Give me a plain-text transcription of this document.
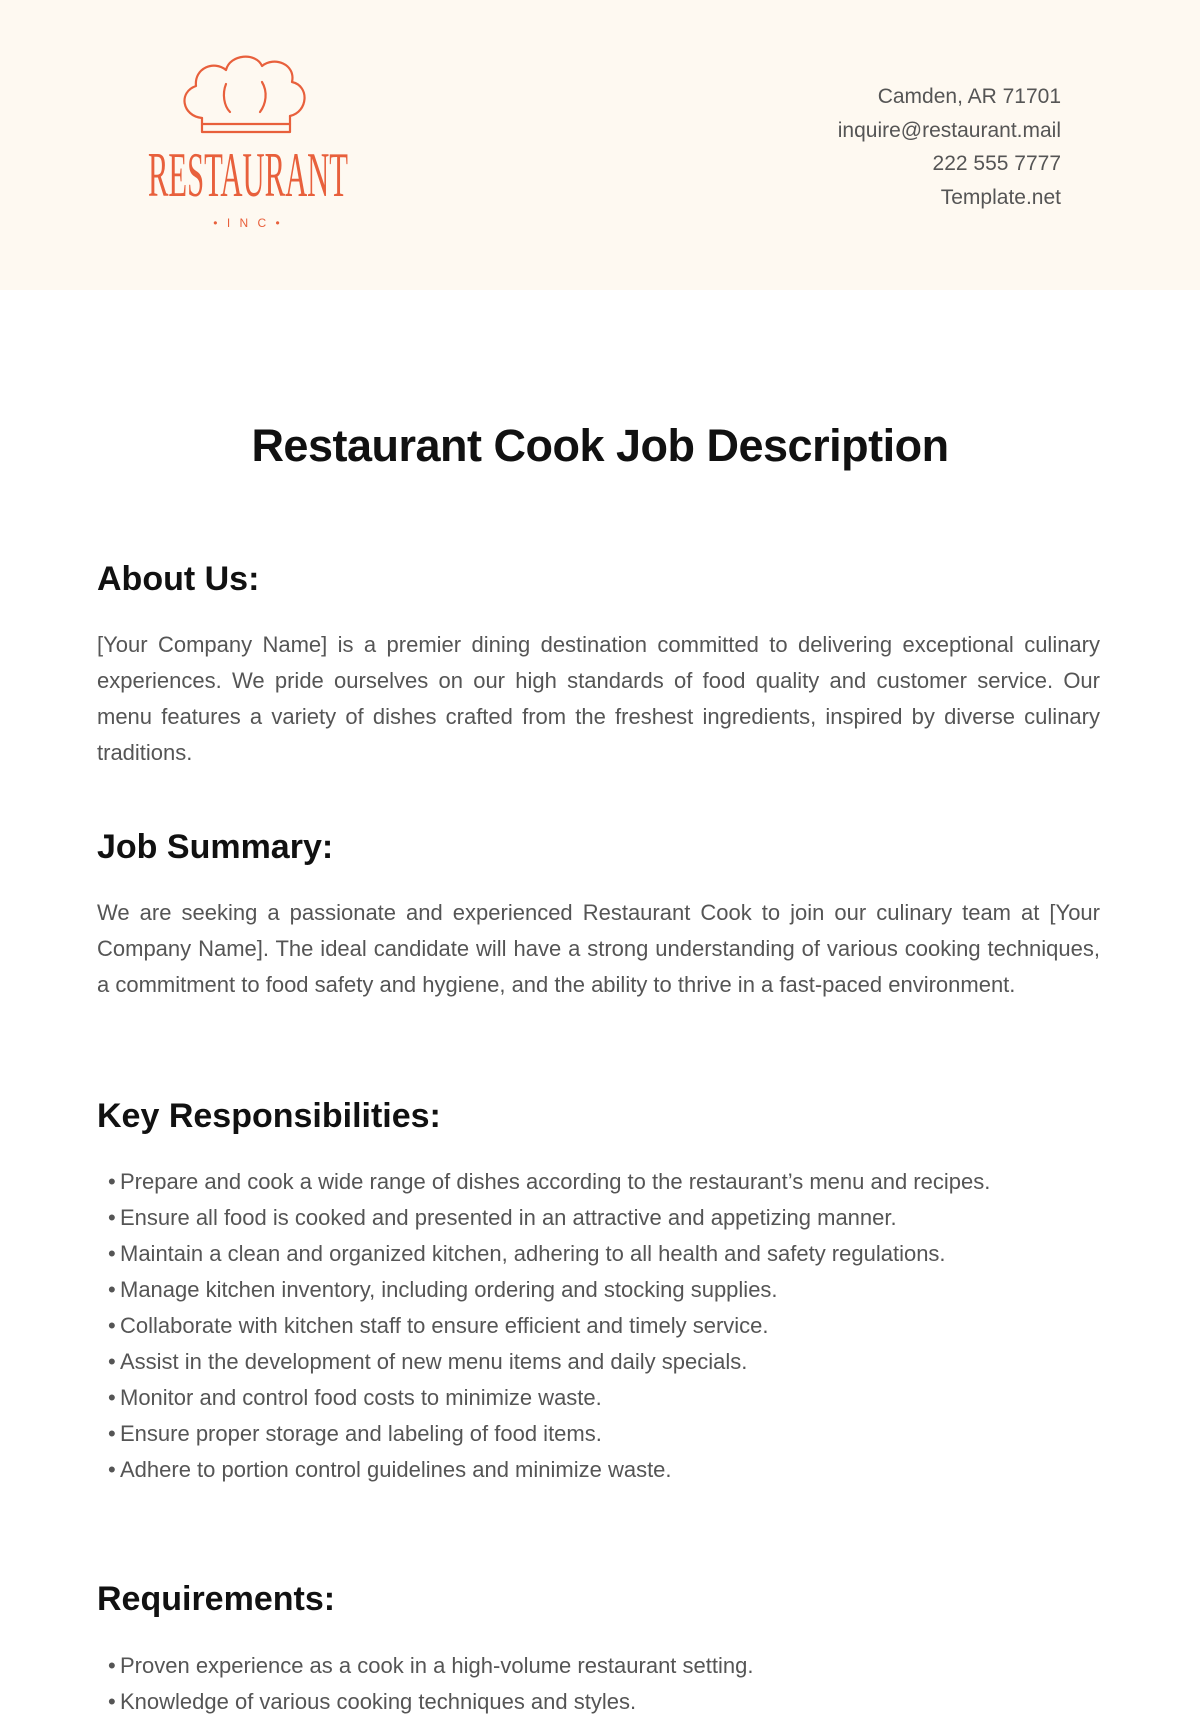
RESTAURANT
• I N C •
Camden, AR 71701
inquire@restaurant.mail
222 555 7777
Template.net
Restaurant Cook Job Description
About Us:

[Your Company Name] is a premier dining destination committed to delivering exceptional culinary experiences. We pride ourselves on our high standards of food quality and customer service. Our menu features a variety of dishes crafted from the freshest ingredients, inspired by diverse culinary traditions.

Job Summary:

We are seeking a passionate and experienced Restaurant Cook to join our culinary team at [Your Company Name]. The ideal candidate will have a strong understanding of various cooking techniques, a commitment to food safety and hygiene, and the ability to thrive in a fast-paced environment.

Key Responsibilities:
• Prepare and cook a wide range of dishes according to the restaurant’s menu and recipes.
• Ensure all food is cooked and presented in an attractive and appetizing manner.
• Maintain a clean and organized kitchen, adhering to all health and safety regulations.
• Manage kitchen inventory, including ordering and stocking supplies.
• Collaborate with kitchen staff to ensure efficient and timely service.
• Assist in the development of new menu items and daily specials.
• Monitor and control food costs to minimize waste.
• Ensure proper storage and labeling of food items.
• Adhere to portion control guidelines and minimize waste.
Requirements:
• Proven experience as a cook in a high-volume restaurant setting.
• Knowledge of various cooking techniques and styles.
